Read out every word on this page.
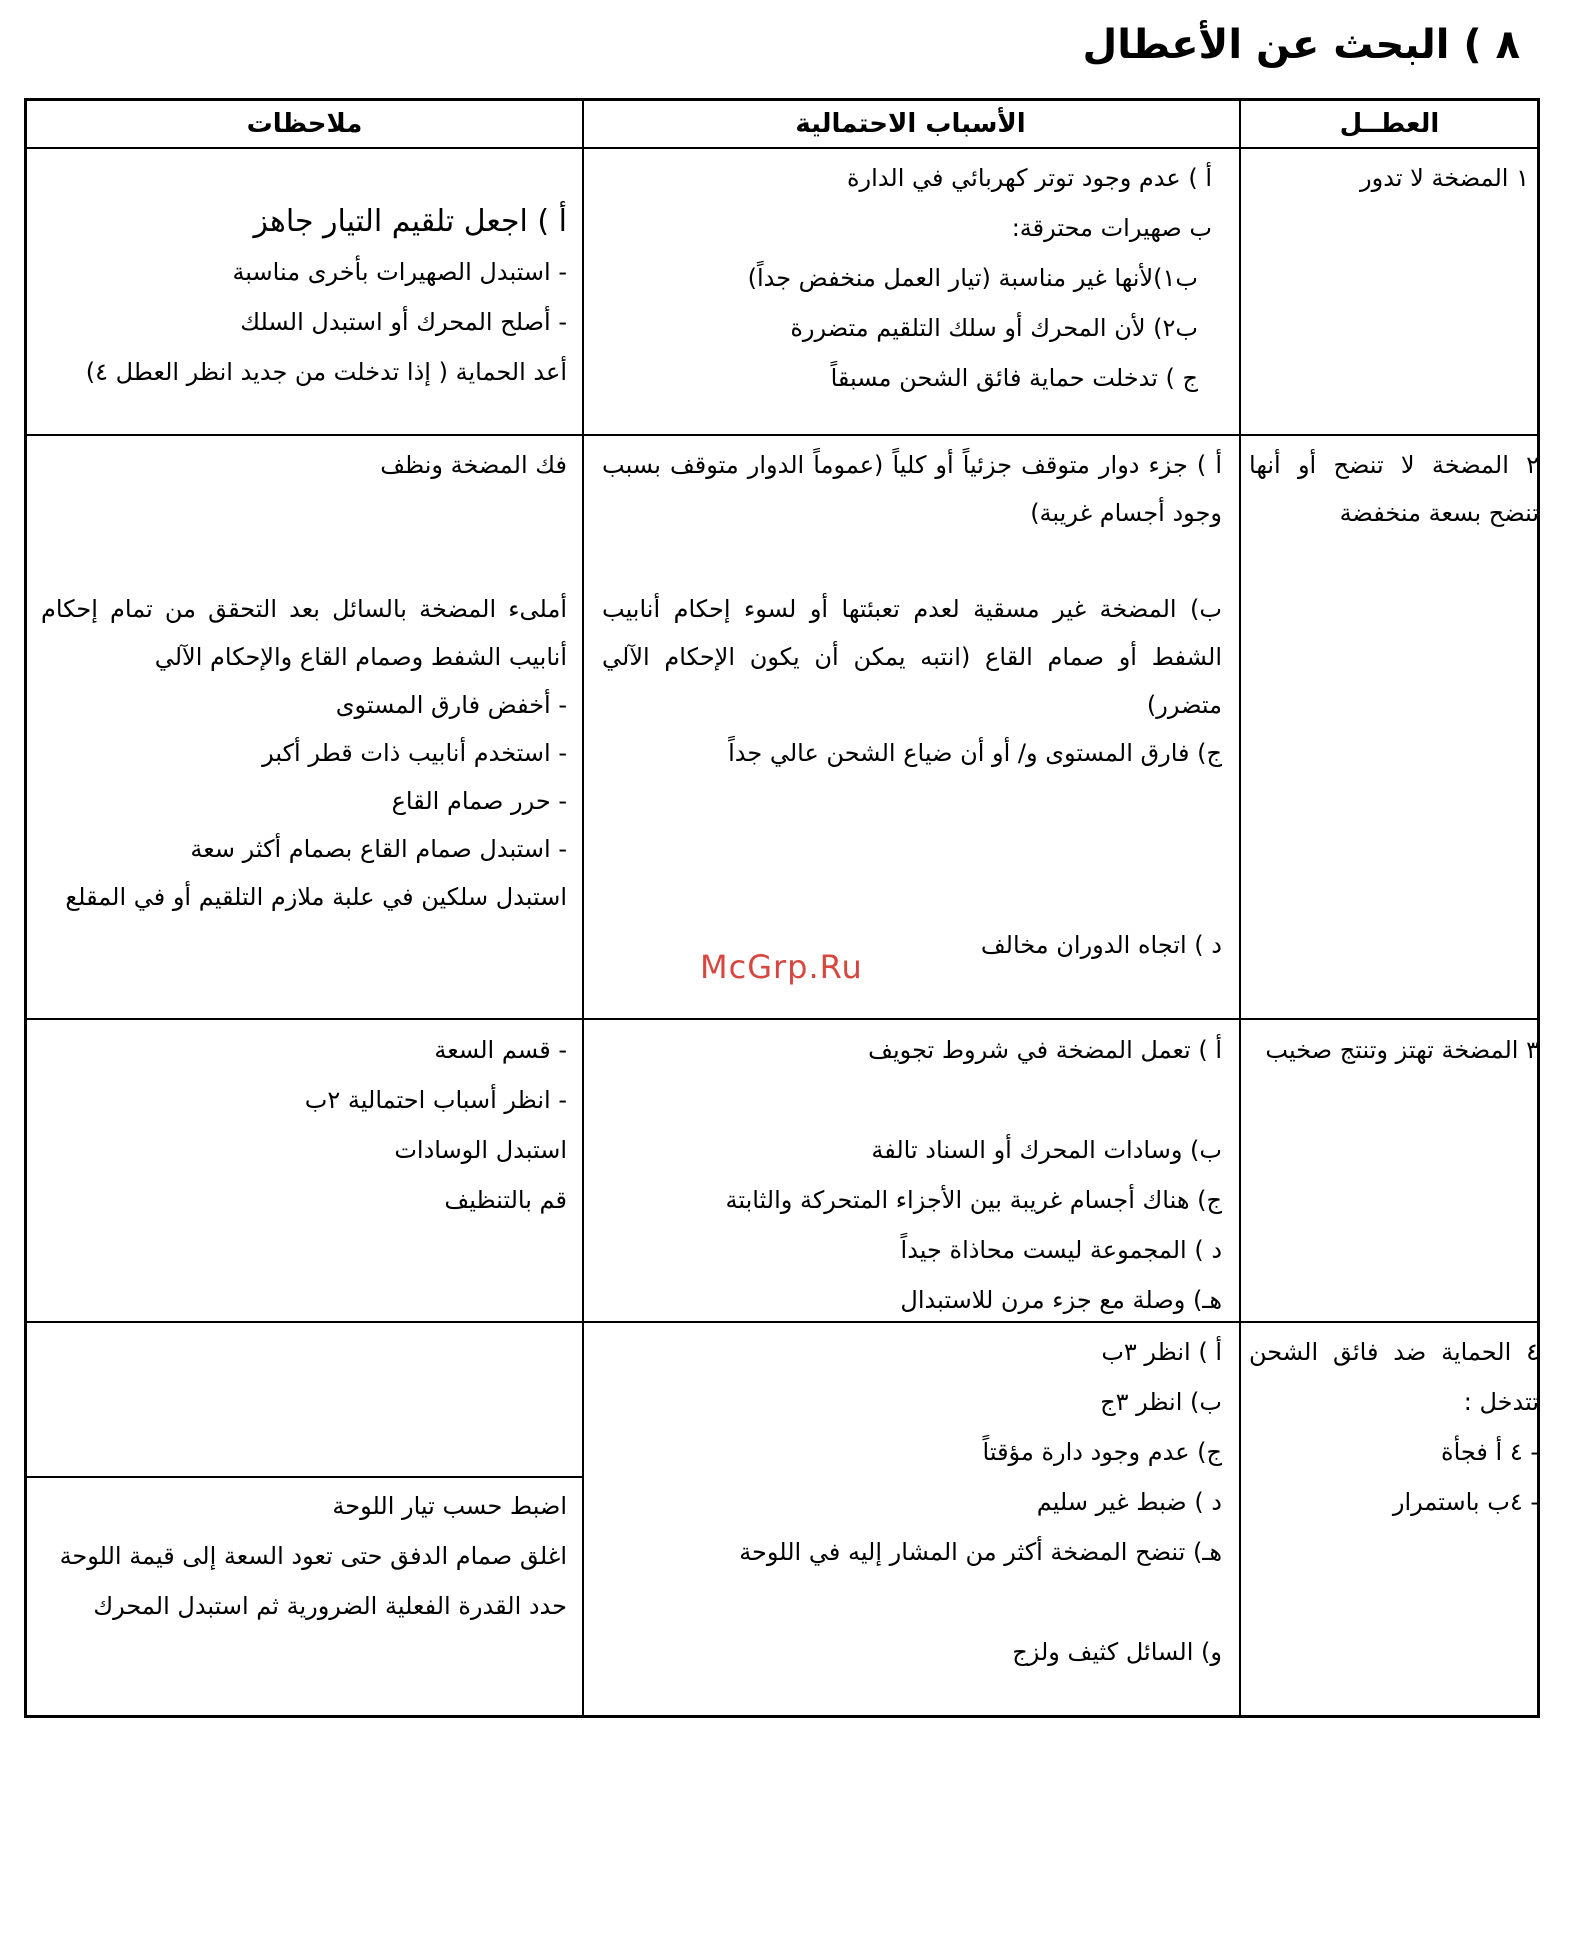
٨ ) البحث عن الأعطال
ملاحظات	الأسباب الاحتمالية	العطــل
١ المضخة لا تدور
أ ) عدم وجود توتر كهربائي في الدارة
ب صهيرات محترقة:
ب١)لأنها غير مناسبة (تيار العمل منخفض جداً)
ب٢) لأن المحرك أو سلك التلقيم متضررة
ج ) تدخلت حماية فائق الشحن مسبقاً
أ ) اجعل تلقيم التيار جاهز
- استبدل الصهيرات بأخرى مناسبة
- أصلح المحرك أو استبدل السلك
أعد الحماية ( إذا تدخلت من جديد انظر العطل ٤)
٢ المضخة لا تنضح أو أنها تنضح بسعة منخفضة
أ ) جزء دوار متوقف جزئياً أو كلياً (عموماً الدوار متوقف بسبب وجود أجسام غريبة)
ب) المضخة غير مسقية لعدم تعبئتها أو لسوء إحكام أنابيب الشفط أو صمام القاع (انتبه يمكن أن يكون الإحكام الآلي متضرر)
ج) فارق المستوى و/ أو أن ضياع الشحن عالي جداً
د ) اتجاه الدوران مخالف
فك المضخة ونظف
أملىء المضخة بالسائل بعد التحقق من تمام إحكام أنابيب الشفط وصمام القاع والإحكام الآلي
- أخفض فارق المستوى
- استخدم أنابيب ذات قطر أكبر
- حرر صمام القاع
- استبدل صمام القاع بصمام أكثر سعة
استبدل سلكين في علبة ملازم التلقيم أو في المقلع
٣ المضخة تهتز وتنتج صخيب
أ ) تعمل المضخة في شروط تجويف
ب) وسادات المحرك أو السناد تالفة
ج) هناك أجسام غريبة بين الأجزاء المتحركة والثابتة
د ) المجموعة ليست محاذاة جيداً
هـ) وصلة مع جزء مرن للاستبدال
- قسم السعة
- انظر أسباب احتمالية ٢ب
استبدل الوسادات
قم بالتنظيف
٤ الحماية ضد فائق الشحن تتدخل :
- ٤ أ فجأة
- ٤ب باستمرار
أ ) انظر ٣ب
ب) انظر ٣ج
ج) عدم وجود دارة مؤقتاً
د ) ضبط غير سليم
هـ) تنضح المضخة أكثر من المشار إليه في اللوحة
و) السائل كثيف ولزج
اضبط حسب تيار اللوحة
اغلق صمام الدفق حتى تعود السعة إلى قيمة اللوحة
حدد القدرة الفعلية الضرورية ثم استبدل المحرك
McGrp.Ru
